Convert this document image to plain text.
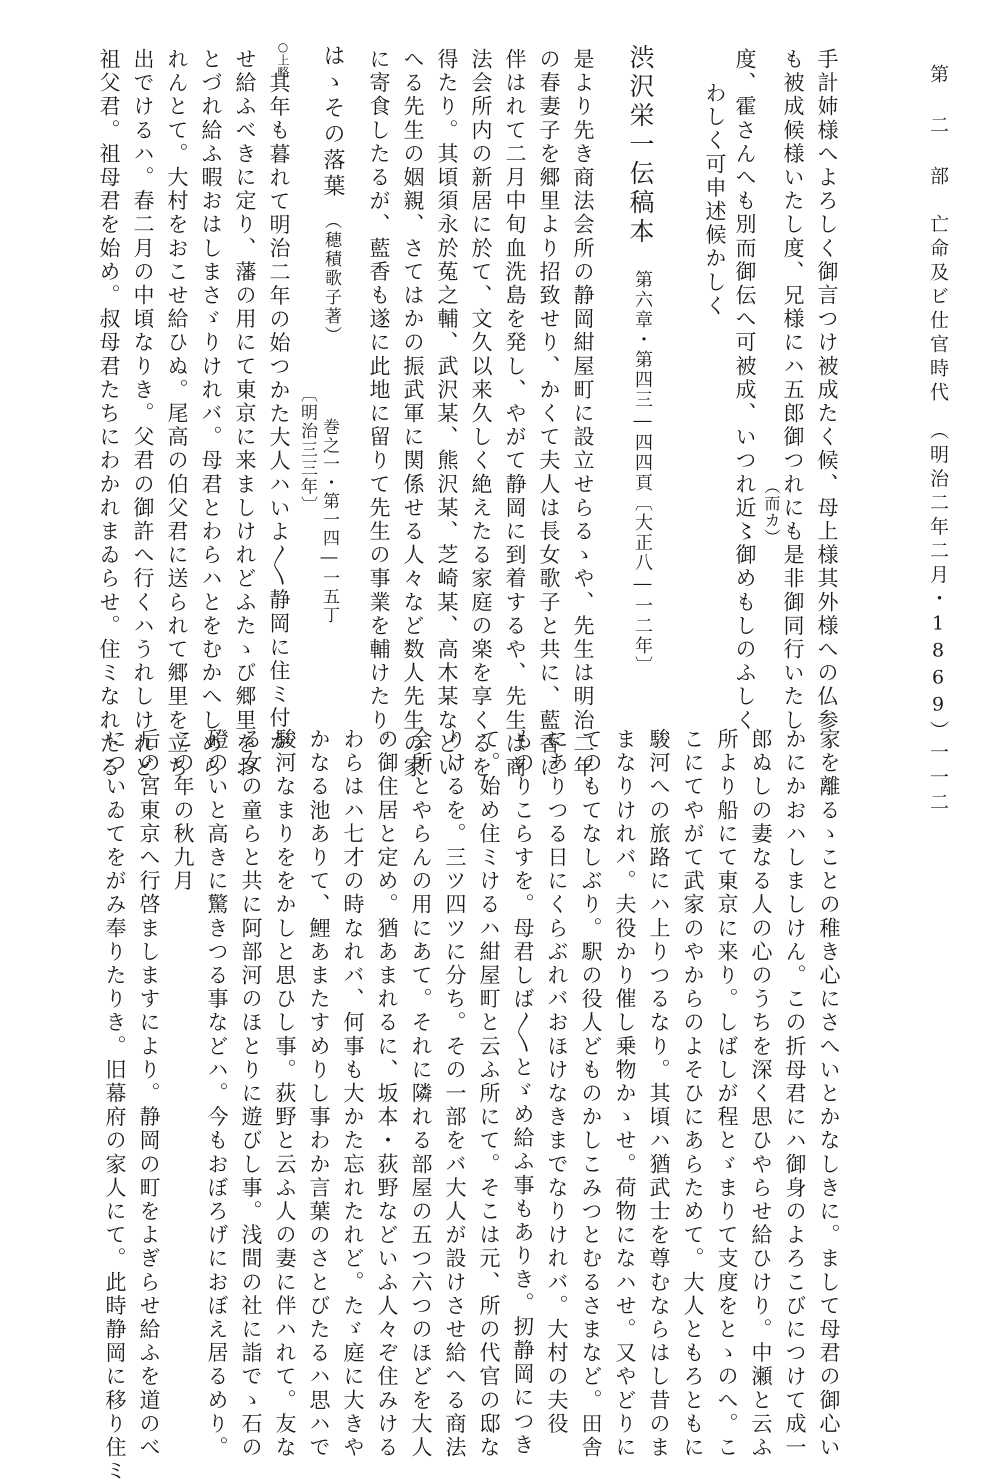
第 二 部　亡命及ビ仕官時代　（明治二年二月・1869）
一一二
手計姉様へよろしく御言つけ被成たく候、母上様其外様への仏参
も被成候様いたし度、兄様にハ五郎御つれにも是非御同行いたし
（而カ）
度、霍さんへも別而御伝へ可被成、いつれ近〻御めもしのふしく
わしく可申述候かしく
渋沢栄一伝稿本
第六章・第四三―四四頁〔大正八―一二年〕
是より先き商法会所の静岡紺屋町に設立せらるゝや、先生は明治二年
の春妻子を郷里より招致せり、かくて夫人は長女歌子と共に、藍香に
伴はれて二月中旬血洗島を発し、やがて静岡に到着するや、先生は商
法会所内の新居に於て、文久以来久しく絶えたる家庭の楽を享くるを
得たり。其頃須永於菟之輔、武沢某、熊沢某、芝崎某、高木某などい
へる先生の姻親、さてはかの振武軍に関係せる人々など数人先生の家
に寄食したるが、藍香も遂に此地に留りて先生の事業を輔けたり。
はゝその落葉
（穂積歌子著）
巻之一・第一四―一五丁
〔明治三三年〕
○上略
其年も暮れて明治二年の始つかた大人ハいよ〳〵静岡に住ミ付か
せ給ふべきに定り、藩の用にて東京に来ましけれどふたゝび郷里をお
とづれ給ふ暇おはしまさゞりけれバ。母君とわらハとをむかへしめら
れんとて。大村をおこせ給ひぬ。尾高の伯父君に送られて郷里を立ち
出でけるハ。春二月の中頃なりき。父君の御許へ行くハうれしけれど
祖父君。祖母君を始め。叔母君たちにわかれまゐらせ。住ミなれたる
家を離るゝことの稚き心にさへいとかなしきに。まして母君の御心い
かにかおハしましけん。この折母君にハ御身のよろこびにつけて成一
郎ぬしの妻なる人の心のうちを深く思ひやらせ給ひけり。中瀬と云ふ
所より船にて東京に来り。しばしが程とゞまりて支度をとゝのへ。こ
こにてやがて武家のやからのよそひにあらためて。大人ともろともに
駿河への旅路にハ上りつるなり。其頃ハ猶武士を尊むならはし昔のま
まなりけれバ。夫役かり催し乗物かゝせ。荷物になハせ。又やどりに
てのもてなしぶり。駅の役人どものかしこみつとむるさまなど。田舎
にありつる日にくらぶれバおほけなきまでなりけれバ。大村の夫役
ものりこらすを。母君しば〳〵とゞめ給ふ事もありき。扨静岡につき
て。始め住ミけるハ紺屋町と云ふ所にて。そこは元、所の代官の邸な
りけるを。三ツ四ツに分ち。その一部をバ大人が設けさせ給へる商法
会所とやらんの用にあて。それに隣れる部屋の五つ六つのほどを大人
の御住居と定め。猶あまれるに、坂本・荻野などいふ人々ぞ住みける
わらはハ七才の時なれバ、何事も大かた忘れたれど。たゞ庭に大きや
かなる池ありて、鯉あまたすめりし事わか言葉のさとびたるハ思ハで
駿河なまりををかしと思ひし事。荻野と云ふ人の妻に伴ハれて。友な
る女の童らと共に阿部河のほとりに遊びし事。浅間の社に詣でゝ石の
磴のいと高きに驚きつる事などハ。今もおぼろげにおぼえ居るめり。
この年の秋九月
后の宮東京へ行啓ましますにより。静岡の町をよぎらせ給ふを道のべ
についゐてをがみ奉りたりき。旧幕府の家人にて。此時静岡に移り住ミ
